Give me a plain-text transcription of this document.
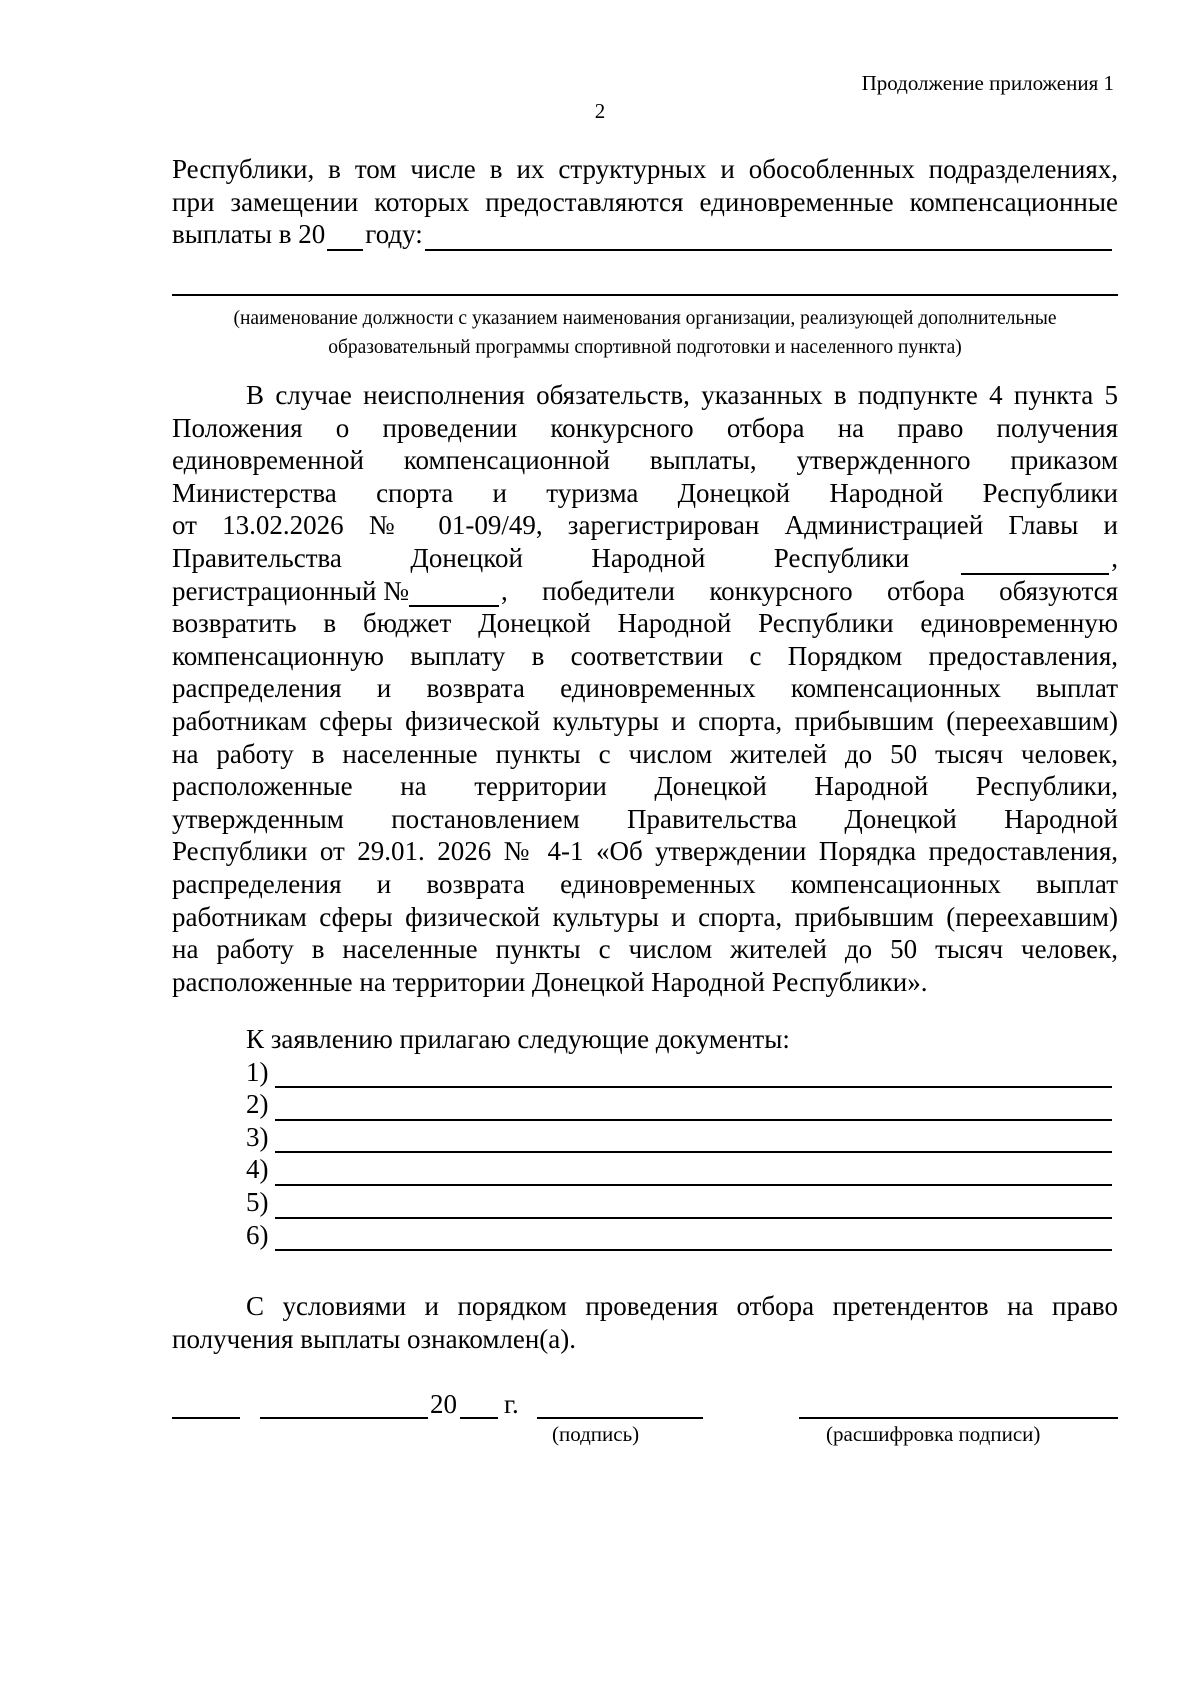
Продолжение приложения 1
2
Республики, в том числе в их структурных и обособленных подразделениях,
при замещении которых предоставляются единовременные компенсационные
выплаты в 20 году:
(наименование должности с указанием наименования организации, реализующей дополнительные
образовательный программы спортивной подготовки и населенного пункта)
В случае неисполнения обязательств, указанных в подпункте 4 пункта 5
Положения о проведении конкурсного отбора на право получения
единовременной компенсационной выплаты, утвержденного приказом
Министерства спорта и туризма Донецкой Народной Республики
от 13.02.2026 № 01-09/49, зарегистрирован Администрацией Главы и
Правительства Донецкой Народной Республики	,
регистрационный №	, победители конкурсного отбора обязуются
возвратить в бюджет Донецкой Народной Республики единовременную
компенсационную выплату в соответствии с Порядком предоставления,
распределения и возврата единовременных компенсационных выплат
работникам сферы физической культуры и спорта, прибывшим (переехавшим)
на работу в населенные пункты с числом жителей до 50 тысяч человек,
расположенные на территории Донецкой Народной Республики,
утвержденным постановлением Правительства Донецкой Народной
Республики от 29.01. 2026 № 4-1 «Об утверждении Порядка предоставления,
распределения и возврата единовременных компенсационных выплат
работникам сферы физической культуры и спорта, прибывшим (переехавшим)
на работу в населенные пункты с числом жителей до 50 тысяч человек,
расположенные на территории Донецкой Народной Республики».
К заявлению прилагаю следующие документы:
1)
2)
3)
4)
5)
6)
С условиями и порядком проведения отбора претендентов на право
получения выплаты ознакомлен(а).
20 г.
(подпись)	(расшифровка подписи)
